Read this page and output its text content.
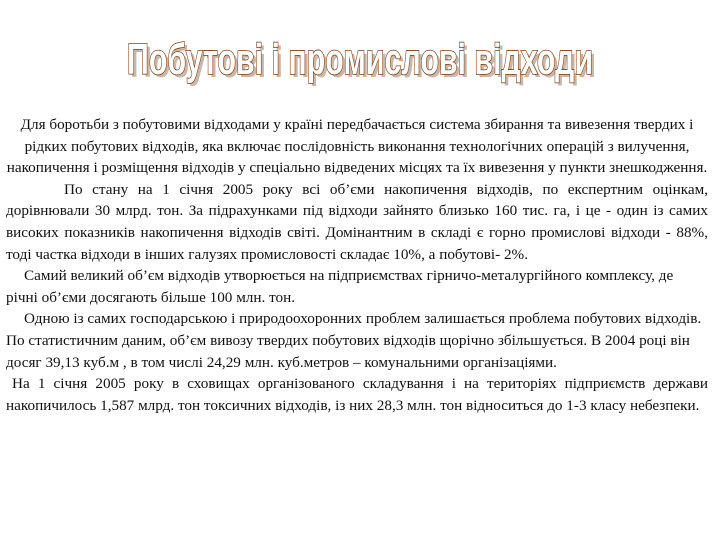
Побутові і промислові відходи
Побутові і промислові відходи

Для боротьби з побутовими відходами у країні передбачається система збирання та вивезення твердих і рідких побутових відходів, яка включає послідовність виконання технологічних операцій з вилучення, накопичення і розміщення відходів у спеціально відведених місцях та їх вивезення у пункти знешкодження.

По стану на 1 січня 2005 року всі об’єми накопичення відходів, по експертним оцінкам, дорівнювали 30 млрд. тон. За підрахунками під відходи зайнято близько 160 тис. га, і це - один із самих високих показників накопичення відходів світі. Домінантним в складі є горно промислові відходи - 88%, тоді частка відходи в інших галузях промисловості складає 10%, а побутові- 2%.

Самий великий об’єм відходів утворюється на підприємствах гірничо-металургійного комплексу, де річні об’єми досягають більше 100 млн. тон.

Одною із самих господарською і природоохоронних проблем залишається проблема побутових відходів. По статистичним даним, об’єм вивозу твердих побутових відходів щорічно збільшується. В 2004 році він досяг 39,13 куб.м , в том числі 24,29 млн. куб.метров – комунальними організаціями.

На 1 січня 2005 року в сховищах організованого складування і на територіях підприємств держави накопичилось 1,587 млрд. тон токсичних відходів, із них 28,3 млн. тон відноситься до 1-3 класу небезпеки.
